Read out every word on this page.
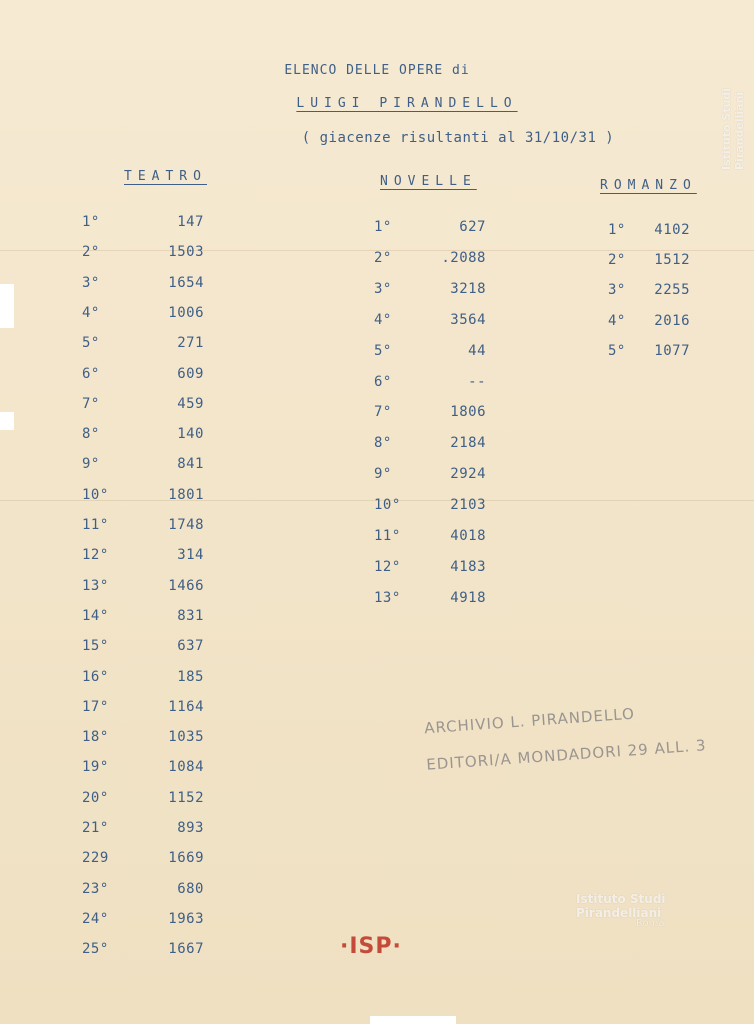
ELENCO DELLE OPERE di
LUIGI PIRANDELLO
( giacenze risultanti al 31/10/31 )
TEATRO	NOVELLE	ROMANZO
1°	147
2°	1503
3°	1654
4°	1006
5°	271
6°	609
7°	459
8°	140
9°	841
10°	1801
11°	1748
12°	314
13°	1466
14°	831
15°	637
16°	185
17°	1164
18°	1035
19°	1084
20°	1152
21°	893
229	1669
23°	680
24°	1963
25°	1667
1°	627
2°	.2088
3°	3218
4°	3564
5°	44
6°	--
7°	1806
8°	2184
9°	2924
10°	2103
11°	4018
12°	4183
13°	4918
1°	4102
2°	1512
3°	2255
4°	2016
5°	1077
ARCHIVIO L. PIRANDELLO
EDITORI/A MONDADORI 29 ALL. 3
Istituto Studi Pirandelliani
Istituto Studi Pirandelliani
Roma
·ISP·
